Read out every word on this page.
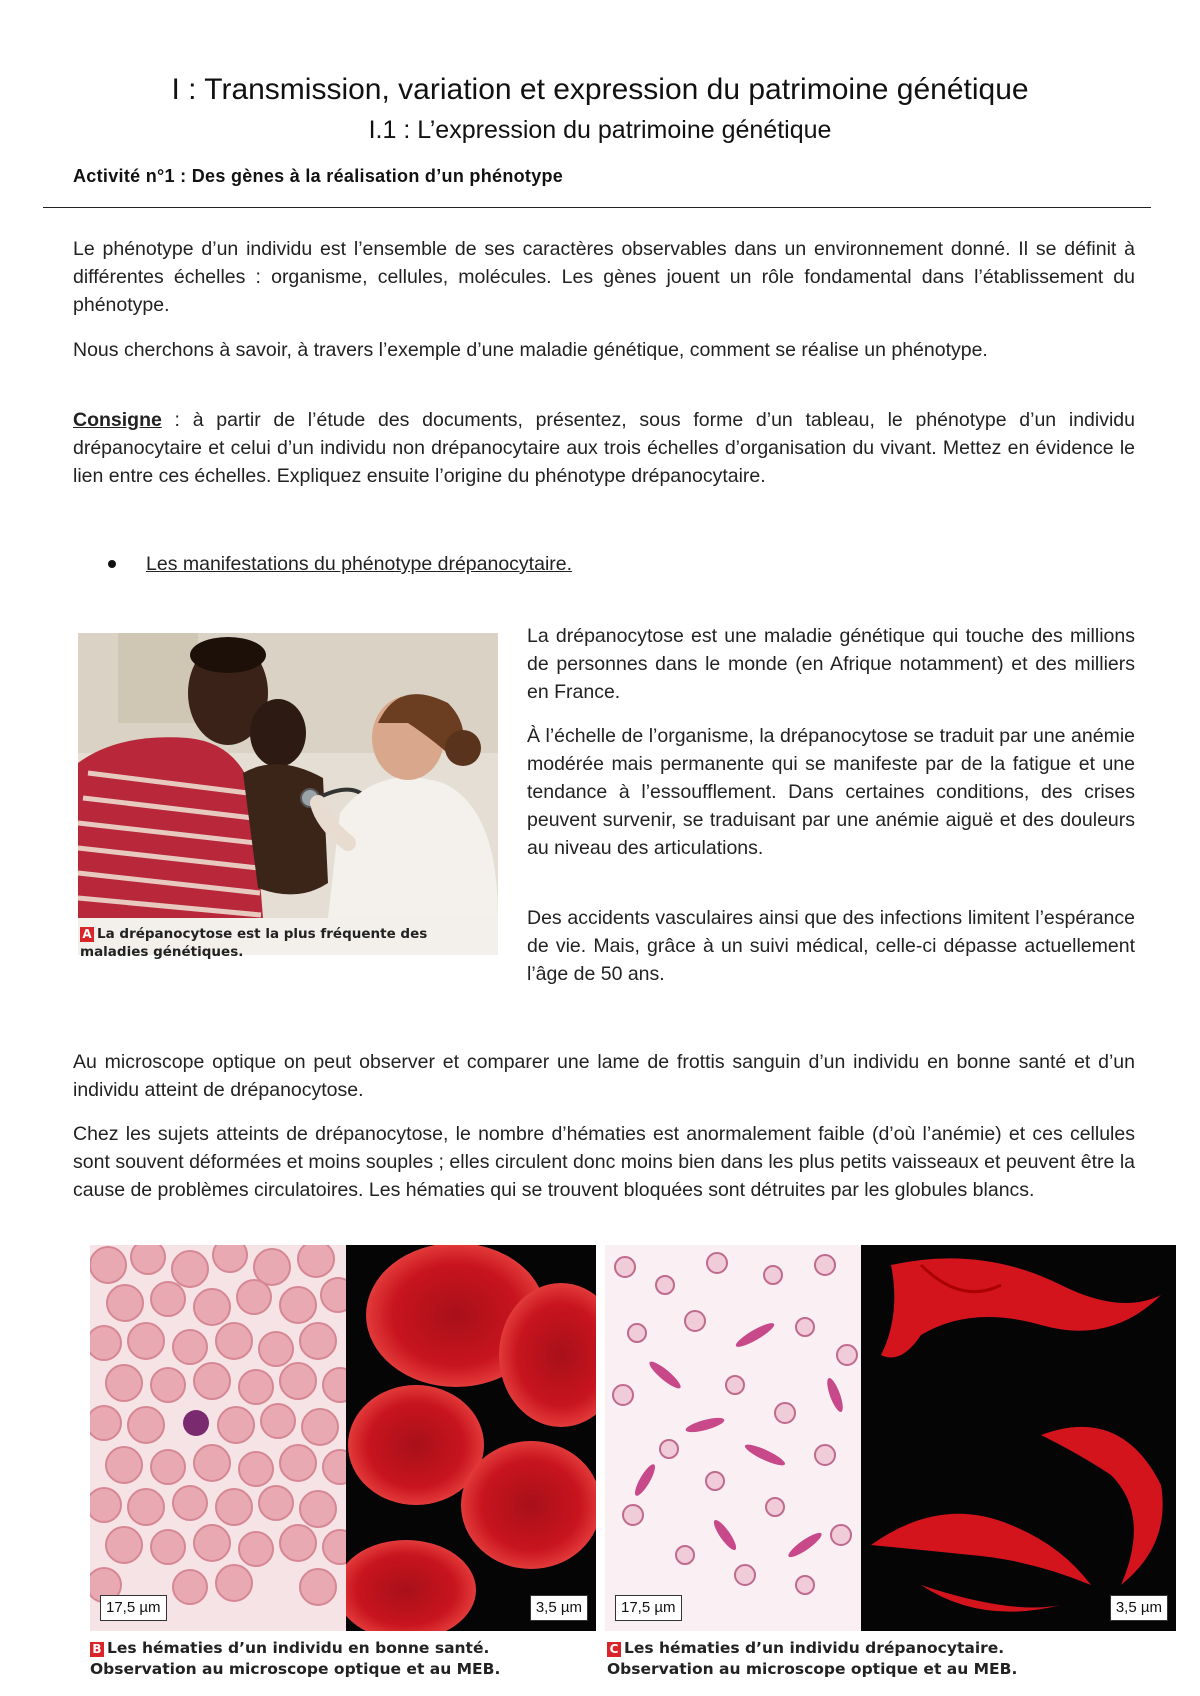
I : Transmission, variation et expression du patrimoine génétique
I.1 : L’expression du patrimoine génétique
Activité n°1 : Des gènes à la réalisation d’un phénotype

Le phénotype d’un individu est l’ensemble de ses caractères observables dans un environnement donné. Il se définit à différentes échelles : organisme, cellules, molécules. Les gènes jouent un rôle fondamental dans l’établissement du phénotype.

Nous cherchons à savoir, à travers l’exemple d’une maladie génétique, comment se réalise un phénotype.

Consigne : à partir de l’étude des documents, présentez, sous forme d’un tableau, le phénotype d’un individu drépanocytaire et celui d’un individu non drépanocytaire aux trois échelles d’organisation du vivant. Mettez en évidence le lien entre ces échelles. Expliquez ensuite l’origine du phénotype drépanocytaire.

Les manifestations du phénotype drépanocytaire.
A La drépanocytose est la plus fréquente des maladies génétiques.

La drépanocytose est une maladie génétique qui touche des millions de personnes dans le monde (en Afrique notamment) et des milliers en France.

À l’échelle de l’organisme, la drépanocytose se traduit par une anémie modérée mais permanente qui se manifeste par de la fatigue et une tendance à l’essoufflement. Dans certaines conditions, des crises peuvent survenir, se traduisant par une anémie aiguë et des douleurs au niveau des articulations.

Des accidents vasculaires ainsi que des infections limitent l’espérance de vie. Mais, grâce à un suivi médical, celle-ci dépasse actuellement l’âge de 50 ans.

Au microscope optique on peut observer et comparer une lame de frottis sanguin d’un individu en bonne santé et d’un individu atteint de drépanocytose.

Chez les sujets atteints de drépanocytose, le nombre d’hématies est anormalement faible (d’où l’anémie) et ces cellules sont souvent déformées et moins souples ; elles circulent donc moins bien dans les plus petits vaisseaux et peuvent être la cause de problèmes circulatoires. Les hématies qui se trouvent bloquées sont détruites par les globules blancs.

17,5 µm	3,5 µm
B Les hématies d’un individu en bonne santé.
Observation au microscope optique et au MEB.
17,5 µm	3,5 µm
C Les hématies d’un individu drépanocytaire.
Observation au microscope optique et au MEB.
